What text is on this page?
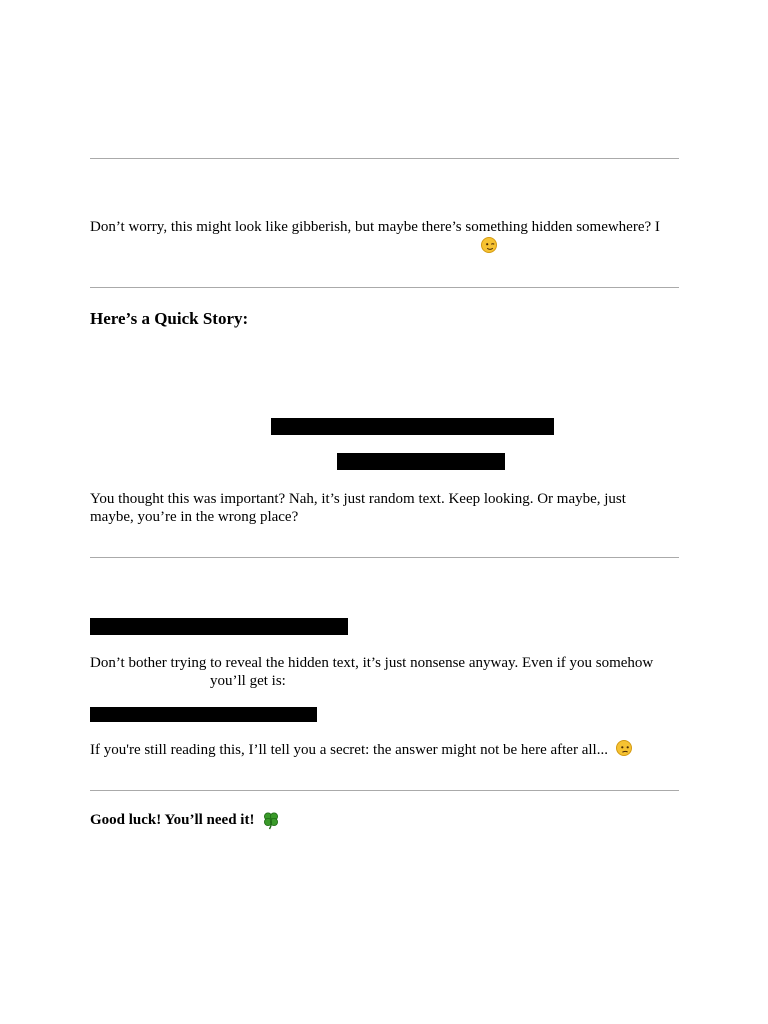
Don’t worry, this might look like gibberish, but maybe there’s something hidden somewhere? I
Here’s a Quick Story:
You thought this was important? Nah, it’s just random text. Keep looking. Or maybe, just
maybe, you’re in the wrong place?
Don’t bother trying to reveal the hidden text, it’s just nonsense anyway. Even if you somehow
you’ll get is:
If you're still reading this, I’ll tell you a secret: the answer might not be here after all...
Good luck! You’ll need it!
